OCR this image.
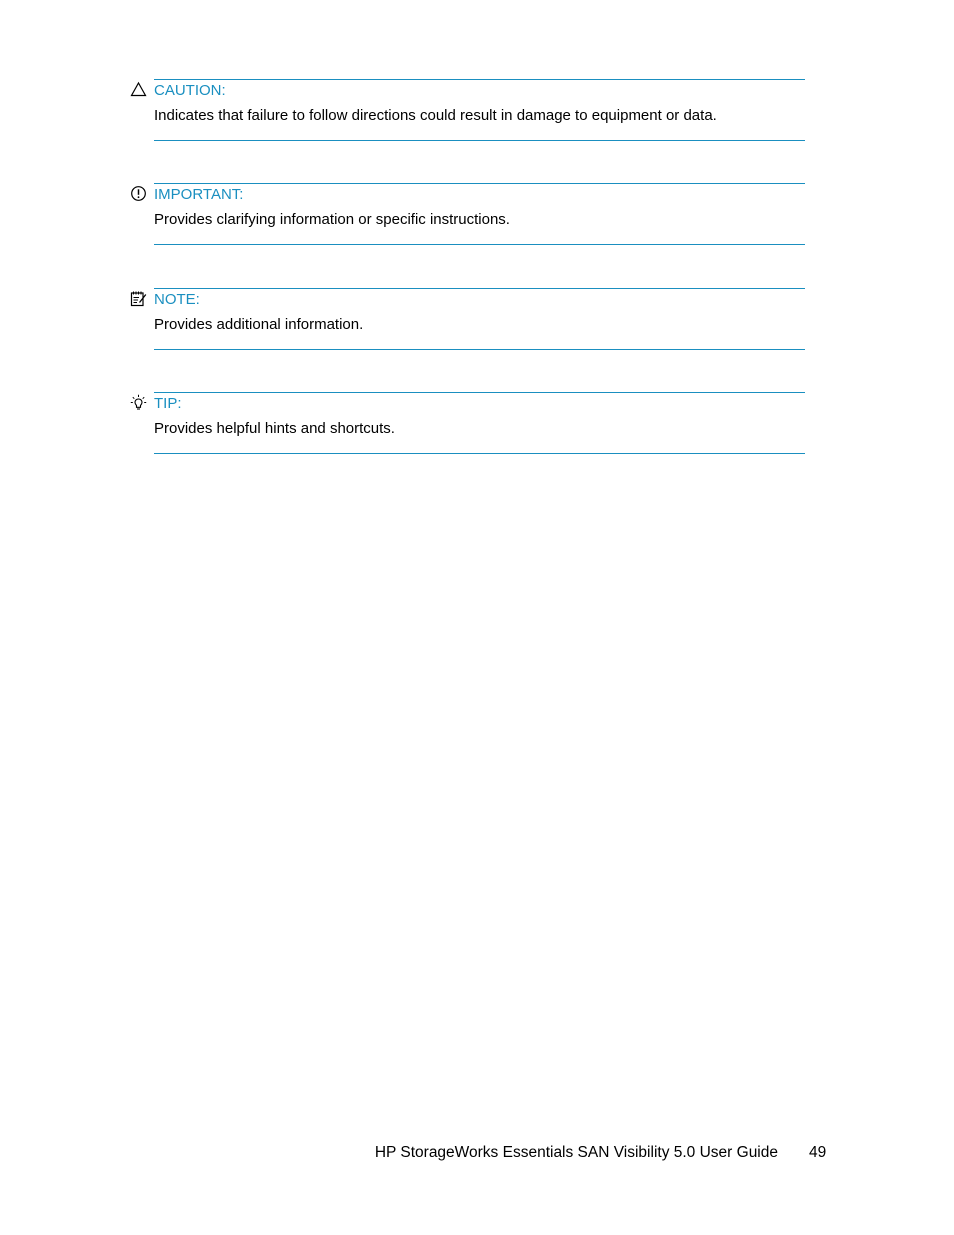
CAUTION:
Indicates that failure to follow directions could result in damage to equipment or data.
IMPORTANT:
Provides clarifying information or specific instructions.
NOTE:
Provides additional information.
TIP:
Provides helpful hints and shortcuts.
HP StorageWorks Essentials SAN Visibility 5.0 User Guide 49
